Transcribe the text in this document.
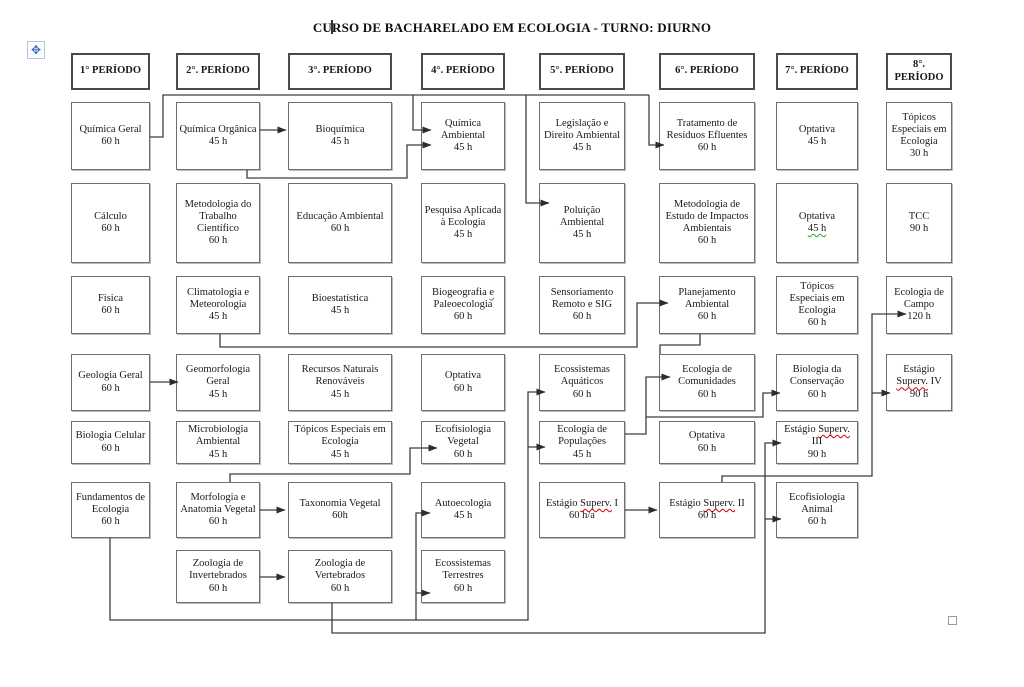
✥
CURSO DE BACHARELADO EM ECOLOGIA - TURNO: DIURNO
1° PERÍODO	2°. PERÍODO	3°. PERÍODO	4°. PERÍODO	5°. PERÍODO	6°. PERÍODO	7°. PERÍODO
8°. PERÍODO
Química Geral
60 h
Química Orgânica
45 h
Bioquímica
45 h
Química Ambiental
45 h
Legislação e Direito Ambiental
45 h
Tratamento de Resíduos Efluentes
60 h
Optativa
45 h
Tópicos Especiais em Ecologia
30 h
Cálculo
60 h
Metodologia do Trabalho Científico
60 h
Educação Ambiental
60 h
Pesquisa Aplicada à Ecologia
45 h
Poluição Ambiental
45 h
Metodologia de Estudo de Impactos Ambientais
60 h
Optativa
45 h
TCC
90 h
Física
60 h
Climatologia e Meteorologia
45 h
Bioestatística
45 h
Biogeografia e Paleoecologia
60 h
Sensoriamento Remoto e SIG
60 h
Planejamento Ambiental
60 h
Tópicos Especiais em Ecologia
60 h
Ecologia de Campo
120 h
Geologia Geral
60 h
Geomorfologia Geral
45 h
Recursos Naturais Renováveis
45 h
Optativa
60 h
Ecossistemas Aquáticos
60 h
Ecologia de Comunidades
60 h
Biologia da Conservação
60 h
Estágio Superv. IV
90 h
Biologia Celular
60 h
Microbiologia Ambiental
45 h
Tópicos Especiais em Ecologia
45 h
Ecofisiologia Vegetal
60 h
Ecologia de Populações
45 h
Optativa
60 h
Estágio Superv. III
90 h
Fundamentos de Ecologia
60 h
Morfologia e Anatomia Vegetal
60 h
Taxonomia Vegetal
60h
Autoecologia
45 h
Estágio Superv. I
60 h/a
Estágio Superv. II
60 h
Ecofisiologia Animal
60 h
Zoologia de Invertebrados
60 h
Zoologia de Vertebrados
60 h
Ecossistemas Terrestres
60 h
